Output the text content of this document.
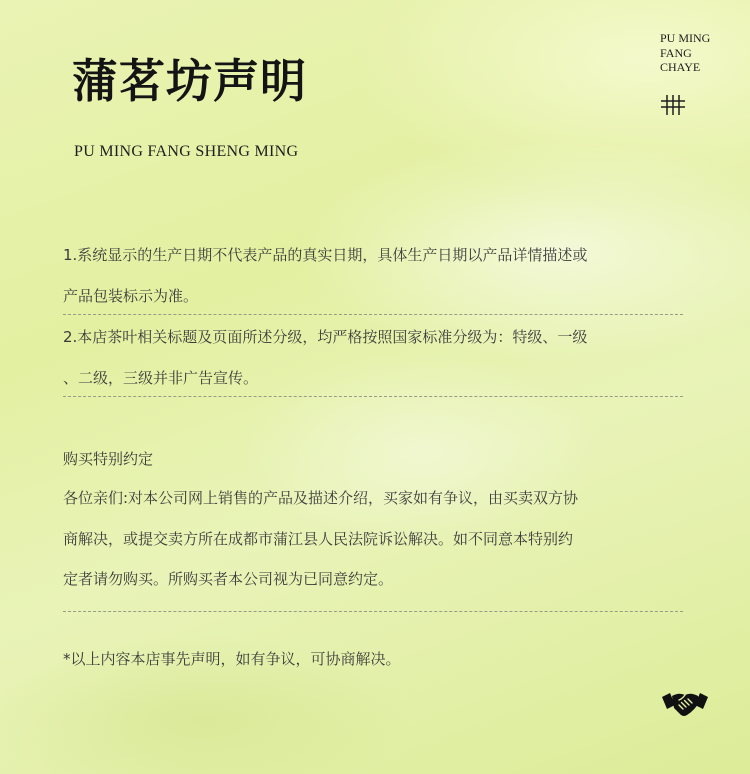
蒲茗坊声明
PU MING FANG SHENG MING
PU MING
FANG
CHAYE
1.系统显示的生产日期不代表产品的真实日期，具体生产日期以产品详情描述或
产品包装标示为准。
2.本店茶叶相关标题及页面所述分级，均严格按照国家标准分级为：特级、一级
、二级，三级并非广告宣传。
购买特别约定
各位亲们:对本公司网上销售的产品及描述介绍，买家如有争议，由买卖双方协
商解决，或提交卖方所在成都市蒲江县人民法院诉讼解决。如不同意本特别约
定者请勿购买。所购买者本公司视为已同意约定。
*以上内容本店事先声明，如有争议，可协商解决。
